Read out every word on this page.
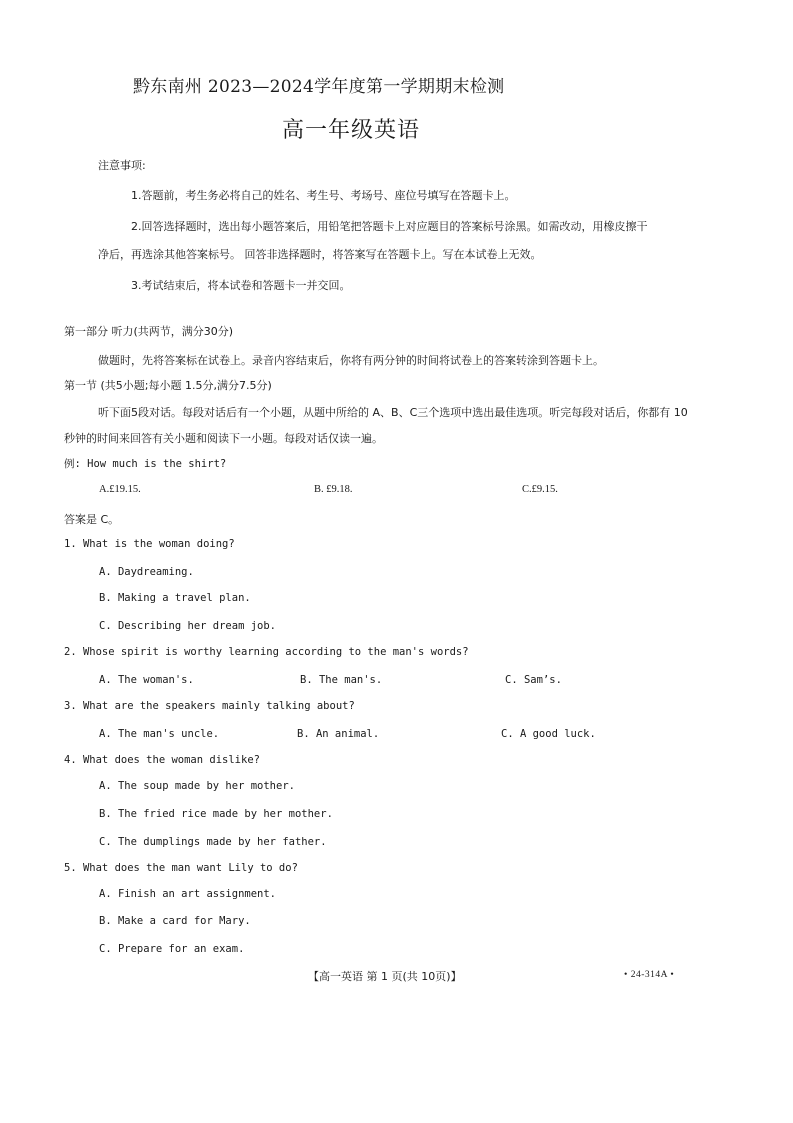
黔东南州 2023—2024学年度第一学期期末检测
高一年级英语
注意事项:
1.答题前，考生务必将自己的姓名、考生号、考场号、座位号填写在答题卡上。
2.回答选择题时，选出每小题答案后，用铅笔把答题卡上对应题目的答案标号涂黑。如需改动，用橡皮擦干
净后，再选涂其他答案标号。 回答非选择题时，将答案写在答题卡上。写在本试卷上无效。
3.考试结束后，将本试卷和答题卡一并交回。
第一部分 听力(共两节，满分30分)
做题时，先将答案标在试卷上。录音内容结束后，你将有两分钟的时间将试卷上的答案转涂到答题卡上。
第一节 (共5小题;每小题 1.5分,满分7.5分)
听下面5段对话。每段对话后有一个小题，从题中所给的 A、B、C三个选项中选出最佳选项。听完每段对话后，你都有 10
秒钟的时间来回答有关小题和阅读下一小题。每段对话仅读一遍。
例: How much is the shirt?
A.£19.15.	B. £9.18.	C.£9.15.
答案是 C。
1. What is the woman doing?
A. Daydreaming.
B. Making a travel plan.
C. Describing her dream job.
2. Whose spirit is worthy learning according to the man's words?
A. The woman's.	B. The man's.	C. Sam’s.
3. What are the speakers mainly talking about?
A. The man's uncle.	B. An animal.	C. A good luck.
4. What does the woman dislike?
A. The soup made by her mother.
B. The fried rice made by her mother.
C. The dumplings made by her father.
5. What does the man want Lily to do?
A. Finish an art assignment.
B. Make a card for Mary.
C. Prepare for an exam.
【高一英语 第 1 页(共 10页)】	• 24-314A •
